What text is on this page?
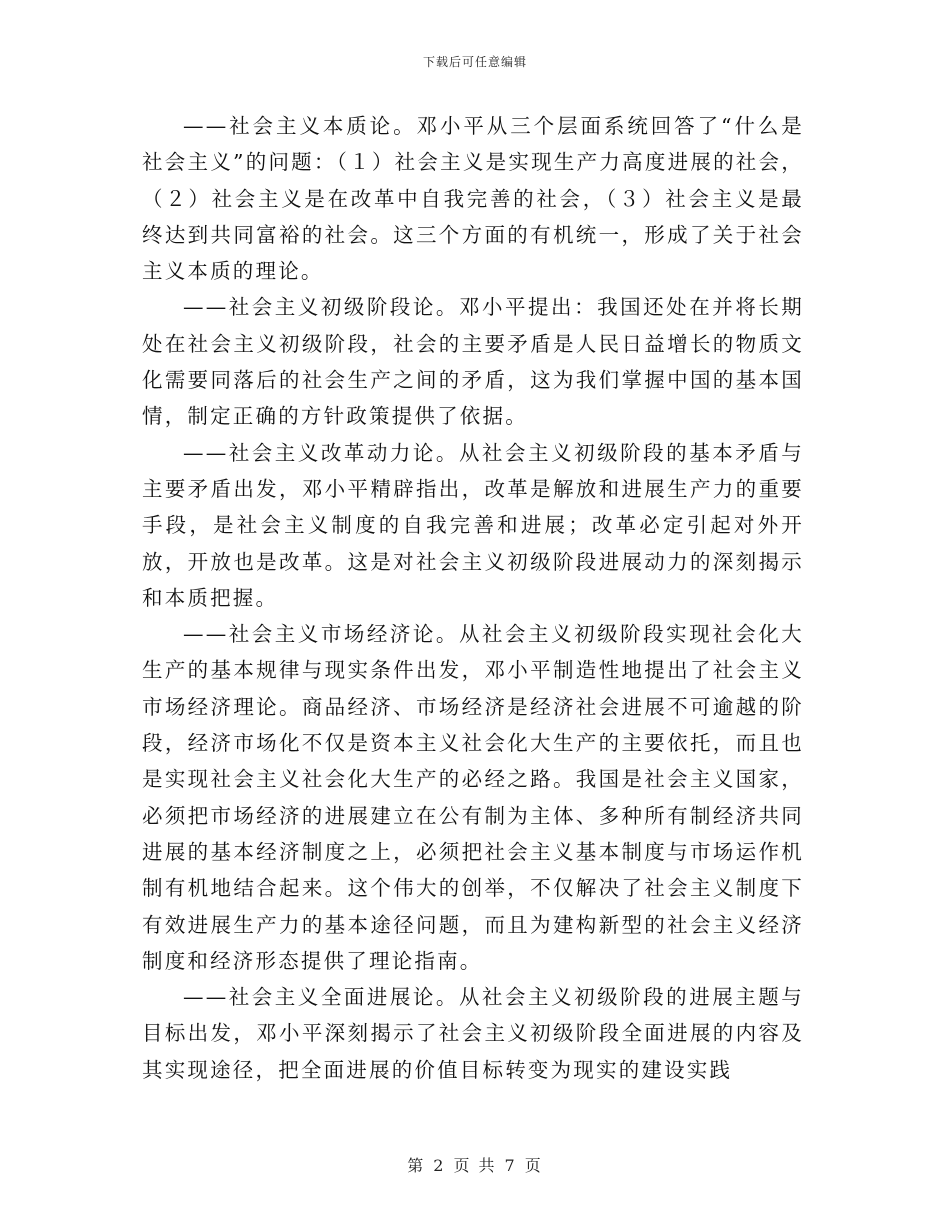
下载后可任意编辑

——社会主义本质论。邓小平从三个层面系统回答了“什么是社会主义”的问题：（１）社会主义是实现生产力高度进展的社会，（２）社会主义是在改革中自我完善的社会，（３）社会主义是最终达到共同富裕的社会。这三个方面的有机统一，形成了关于社会主义本质的理论。

——社会主义初级阶段论。邓小平提出：我国还处在并将长期处在社会主义初级阶段，社会的主要矛盾是人民日益增长的物质文化需要同落后的社会生产之间的矛盾，这为我们掌握中国的基本国情，制定正确的方针政策提供了依据。

——社会主义改革动力论。从社会主义初级阶段的基本矛盾与主要矛盾出发，邓小平精辟指出，改革是解放和进展生产力的重要手段，是社会主义制度的自我完善和进展；改革必定引起对外开放，开放也是改革。这是对社会主义初级阶段进展动力的深刻揭示和本质把握。

——社会主义市场经济论。从社会主义初级阶段实现社会化大生产的基本规律与现实条件出发，邓小平制造性地提出了社会主义市场经济理论。商品经济、市场经济是经济社会进展不可逾越的阶段，经济市场化不仅是资本主义社会化大生产的主要依托，而且也是实现社会主义社会化大生产的必经之路。我国是社会主义国家，必须把市场经济的进展建立在公有制为主体、多种所有制经济共同进展的基本经济制度之上，必须把社会主义基本制度与市场运作机制有机地结合起来。这个伟大的创举，不仅解决了社会主义制度下有效进展生产力的基本途径问题，而且为建构新型的社会主义经济制度和经济形态提供了理论指南。

——社会主义全面进展论。从社会主义初级阶段的进展主题与目标出发，邓小平深刻揭示了社会主义初级阶段全面进展的内容及其实现途径，把全面进展的价值目标转变为现实的建设实践

第 2 页 共 7 页
